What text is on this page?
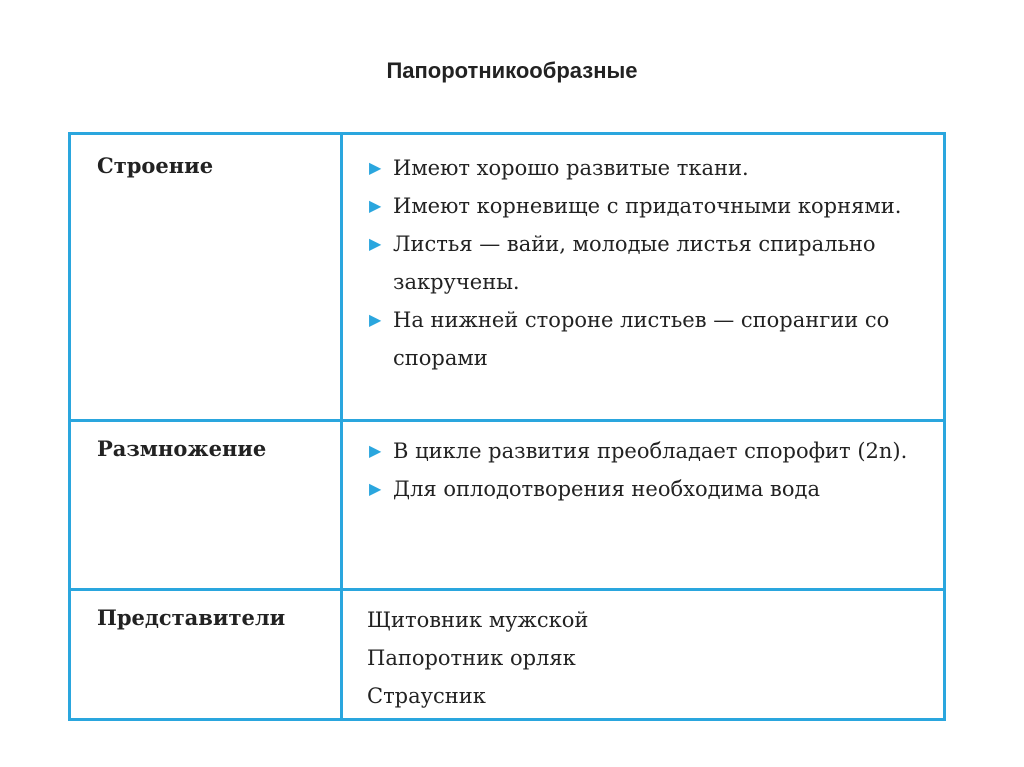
Папоротникообразные
Строение	▶ Имеют хорошо развитые ткани.
▶ Имеют корневище с придаточными корнями.
▶ Листья — вайи, молодые листья спирально закручены.
▶ На нижней стороне листьев — спорангии со спорами
Размножение	▶ В цикле развития преобладает спорофит (2n).
▶ Для оплодотворения необходима вода
Представители	Щитовник мужской
Папоротник орляк
Страусник
